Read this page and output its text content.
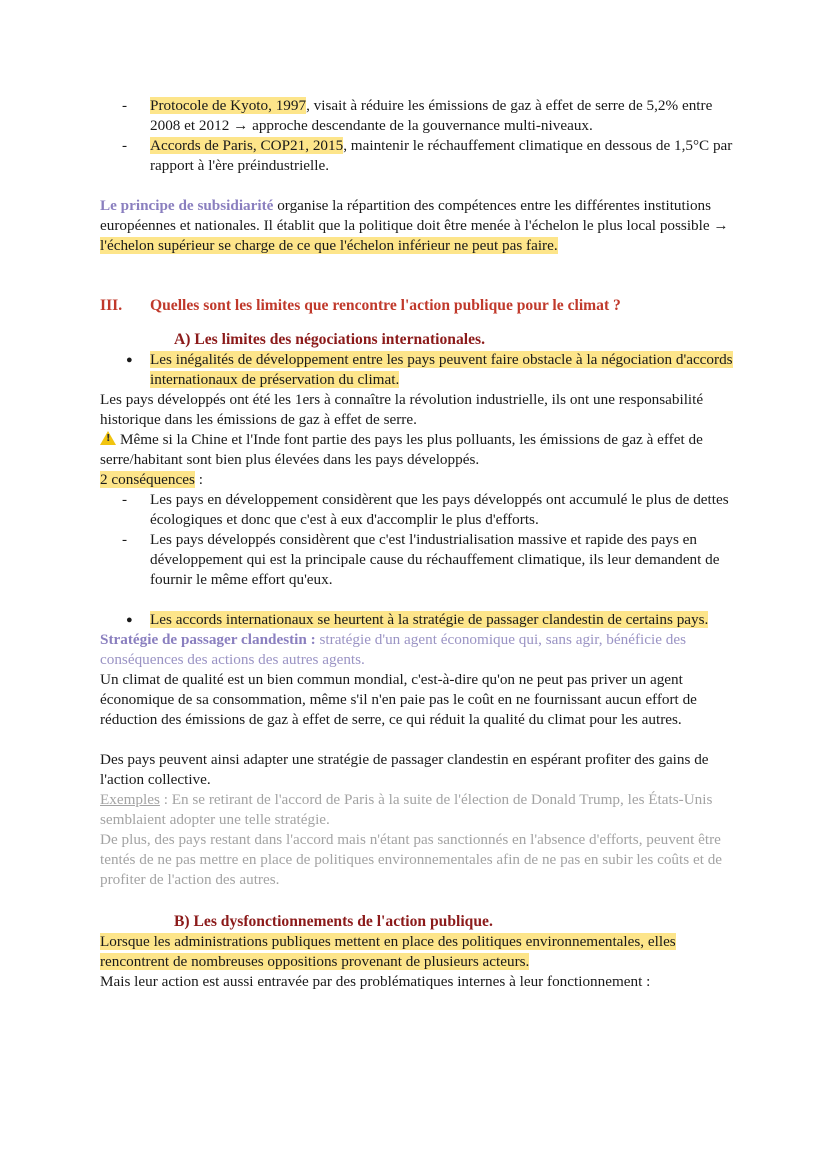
- Protocole de Kyoto, 1997, visait à réduire les émissions de gaz à effet de serre de 5,2% entre 2008 et 2012 → approche descendante de la gouvernance multi-niveaux.
- Accords de Paris, COP21, 2015, maintenir le réchauffement climatique en dessous de 1,5°C par rapport à l'ère préindustrielle.

Le principe de subsidiarité organise la répartition des compétences entre les différentes institutions européennes et nationales. Il établit que la politique doit être menée à l'échelon le plus local possible → l'échelon supérieur se charge de ce que l'échelon inférieur ne peut pas faire.

III. Quelles sont les limites que rencontre l'action publique pour le climat ?

A) Les limites des négociations internationales.

● Les inégalités de développement entre les pays peuvent faire obstacle à la négociation d'accords internationaux de préservation du climat.

Les pays développés ont été les 1ers à connaître la révolution industrielle, ils ont une responsabilité historique dans les émissions de gaz à effet de serre.

!Même si la Chine et l'Inde font partie des pays les plus polluants, les émissions de gaz à effet de serre/habitant sont bien plus élevées dans les pays développés.

2 conséquences :

- Les pays en développement considèrent que les pays développés ont accumulé le plus de dettes écologiques et donc que c'est à eux d'accomplir le plus d'efforts.
- Les pays développés considèrent que c'est l'industrialisation massive et rapide des pays en développement qui est la principale cause du réchauffement climatique, ils leur demandent de fournir le même effort qu'eux.
● Les accords internationaux se heurtent à la stratégie de passager clandestin de certains pays.

Stratégie de passager clandestin : stratégie d'un agent économique qui, sans agir, bénéficie des conséquences des actions des autres agents.

Un climat de qualité est un bien commun mondial, c'est-à-dire qu'on ne peut pas priver un agent économique de sa consommation, même s'il n'en paie pas le coût en ne fournissant aucun effort de réduction des émissions de gaz à effet de serre, ce qui réduit la qualité du climat pour les autres.

Des pays peuvent ainsi adapter une stratégie de passager clandestin en espérant profiter des gains de l'action collective.

Exemples : En se retirant de l'accord de Paris à la suite de l'élection de Donald Trump, les États-Unis semblaient adopter une telle stratégie.

De plus, des pays restant dans l'accord mais n'étant pas sanctionnés en l'absence d'efforts, peuvent être tentés de ne pas mettre en place de politiques environnementales afin de ne pas en subir les coûts et de profiter de l'action des autres.

B) Les dysfonctionnements de l'action publique.

Lorsque les administrations publiques mettent en place des politiques environnementales, elles rencontrent de nombreuses oppositions provenant de plusieurs acteurs.

Mais leur action est aussi entravée par des problématiques internes à leur fonctionnement :
